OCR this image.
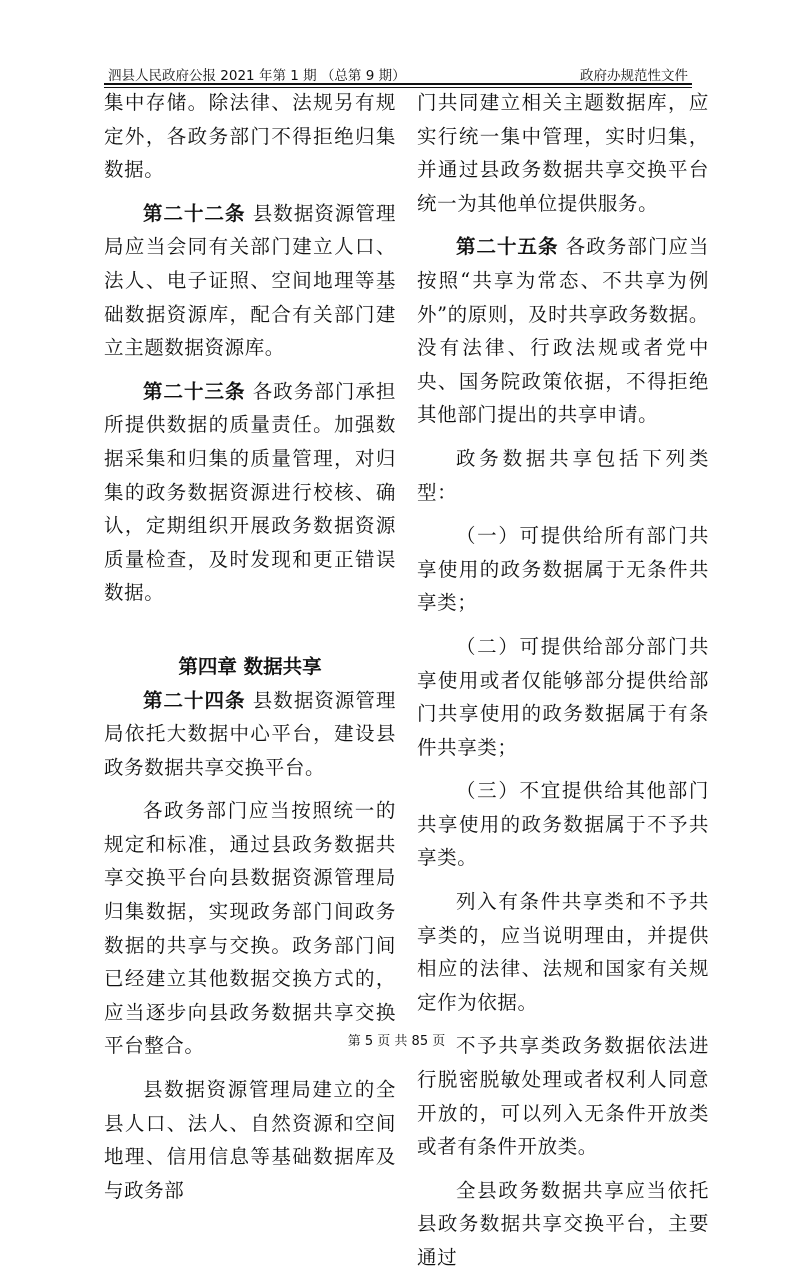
泗县人民政府公报 2021 年第 1 期 （总第 9 期）	政府办规范性文件

集中存储。除法律、法规另有规定外，各政务部门不得拒绝归集数据。

第二十二条 县数据资源管理局应当会同有关部门建立人口、法人、电子证照、空间地理等基础数据资源库，配合有关部门建立主题数据资源库。

第二十三条 各政务部门承担所提供数据的质量责任。加强数据采集和归集的质量管理，对归集的政务数据资源进行校核、确认，定期组织开展政务数据资源质量检查，及时发现和更正错误数据。

第四章 数据共享

第二十四条 县数据资源管理局依托大数据中心平台，建设县政务数据共享交换平台。

各政务部门应当按照统一的规定和标准，通过县政务数据共享交换平台向县数据资源管理局归集数据，实现政务部门间政务数据的共享与交换。政务部门间已经建立其他数据交换方式的，应当逐步向县政务数据共享交换平台整合。

县数据资源管理局建立的全县人口、法人、自然资源和空间地理、信用信息等基础数据库及与政务部

门共同建立相关主题数据库，应实行统一集中管理，实时归集，并通过县政务数据共享交换平台统一为其他单位提供服务。

第二十五条 各政务部门应当按照“共享为常态、不共享为例外”的原则，及时共享政务数据。没有法律、行政法规或者党中央、国务院政策依据，不得拒绝其他部门提出的共享申请。

政务数据共享包括下列类型：

（一）可提供给所有部门共享使用的政务数据属于无条件共享类；

（二）可提供给部分部门共享使用或者仅能够部分提供给部门共享使用的政务数据属于有条件共享类；

（三）不宜提供给其他部门共享使用的政务数据属于不予共享类。

列入有条件共享类和不予共享类的，应当说明理由，并提供相应的法律、法规和国家有关规定作为依据。

不予共享类政务数据依法进行脱密脱敏处理或者权利人同意开放的，可以列入无条件开放类或者有条件开放类。

全县政务数据共享应当依托县政务数据共享交换平台，主要通过

第 5 页 共 85 页
